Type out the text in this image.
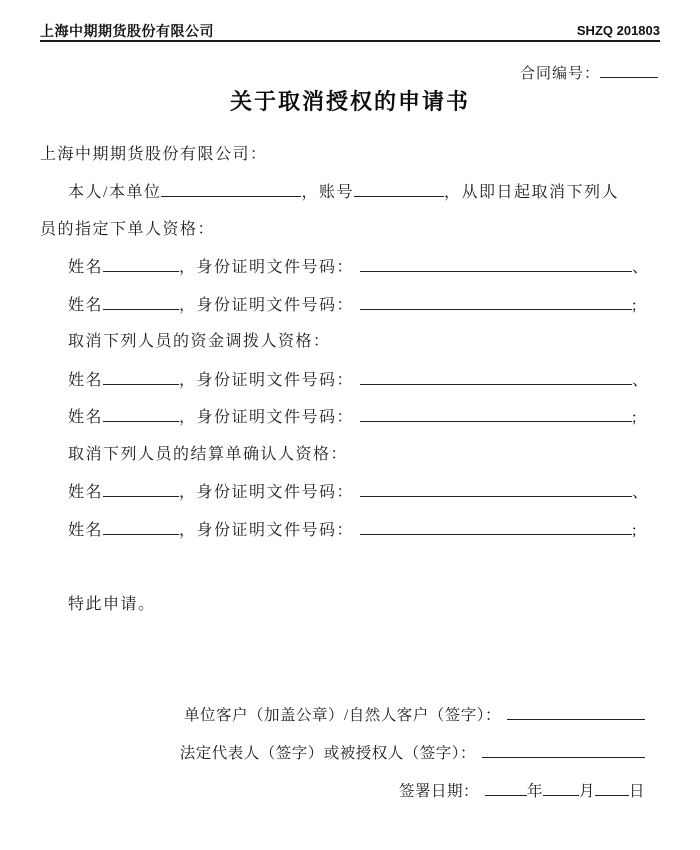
上海中期期货股份有限公司	SHZQ 201803
合同编号：
关于取消授权的申请书
上海中期期货股份有限公司：
本人/本单位	，账号	，从即日起取消下列人
员的指定下单人资格：
姓名	，身份证明文件号码：	、
姓名	，身份证明文件号码：	;
取消下列人员的资金调拨人资格：
姓名	，身份证明文件号码：	、
姓名	，身份证明文件号码：	;
取消下列人员的结算单确认人资格：
姓名	，身份证明文件号码：	、
姓名	，身份证明文件号码：	;
特此申请。
单位客户（加盖公章）/自然人客户（签字）：
法定代表人（签字）或被授权人（签字）：
签署日期：	年 月 日
